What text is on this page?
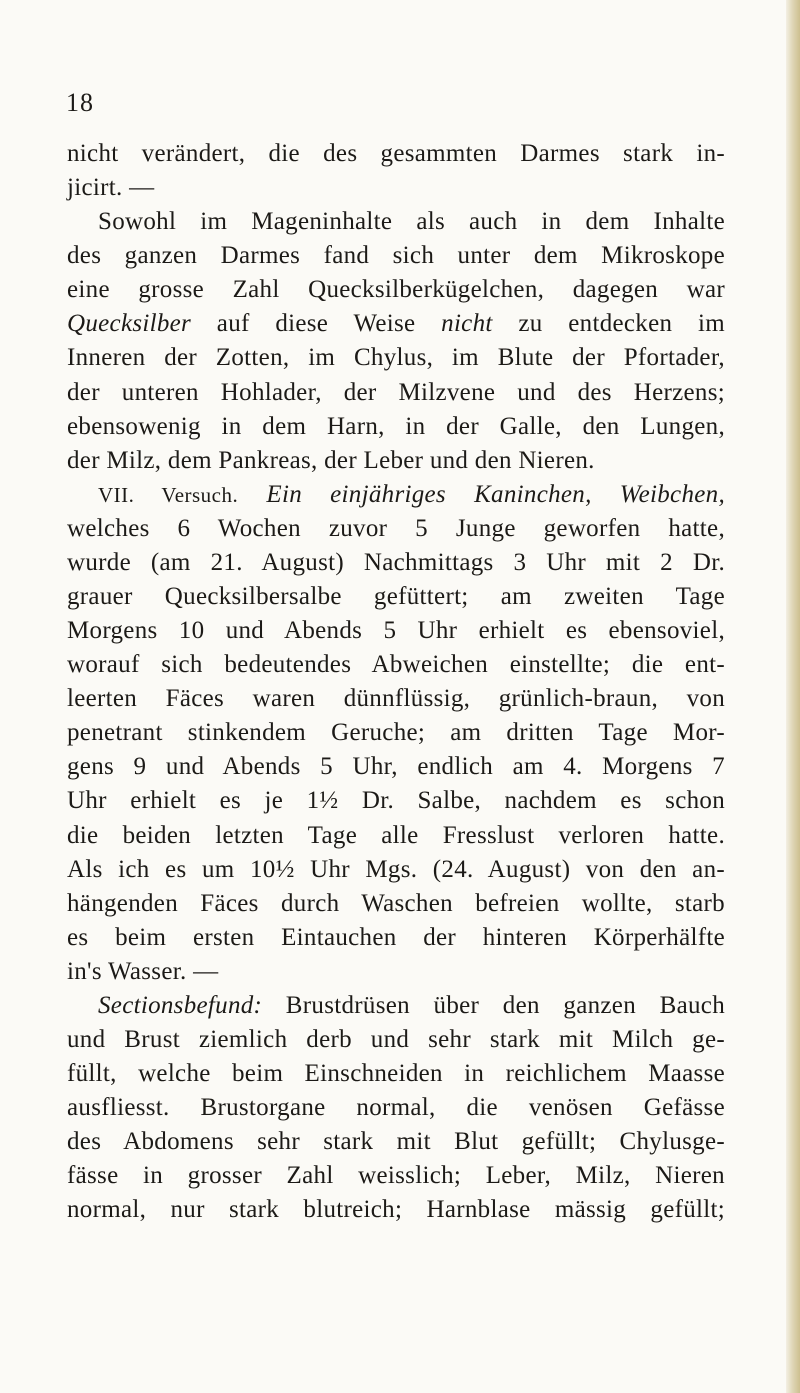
18
nicht verändert, die des gesammten Darmes stark in-
jicirt. —
Sowohl im Mageninhalte als auch in dem Inhalte
des ganzen Darmes fand sich unter dem Mikroskope
eine grosse Zahl Quecksilberkügelchen, dagegen war
Quecksilber auf diese Weise nicht zu entdecken im
Inneren der Zotten, im Chylus, im Blute der Pfortader,
der unteren Hohlader, der Milzvene und des Herzens;
ebensowenig in dem Harn, in der Galle, den Lungen,
der Milz, dem Pankreas, der Leber und den Nieren.
VII. Versuch. Ein einjähriges Kaninchen, Weibchen,
welches 6 Wochen zuvor 5 Junge geworfen hatte,
wurde (am 21. August) Nachmittags 3 Uhr mit 2 Dr.
grauer Quecksilbersalbe gefüttert; am zweiten Tage
Morgens 10 und Abends 5 Uhr erhielt es ebensoviel,
worauf sich bedeutendes Abweichen einstellte; die ent-
leerten Fäces waren dünnflüssig, grünlich-braun, von
penetrant stinkendem Geruche; am dritten Tage Mor-
gens 9 und Abends 5 Uhr, endlich am 4. Morgens 7
Uhr erhielt es je 1½ Dr. Salbe, nachdem es schon
die beiden letzten Tage alle Fresslust verloren hatte.
Als ich es um 10½ Uhr Mgs. (24. August) von den an-
hängenden Fäces durch Waschen befreien wollte, starb
es beim ersten Eintauchen der hinteren Körperhälfte
in's Wasser. —
Sectionsbefund: Brustdrüsen über den ganzen Bauch
und Brust ziemlich derb und sehr stark mit Milch ge-
füllt, welche beim Einschneiden in reichlichem Maasse
ausfliesst. Brustorgane normal, die venösen Gefässe
des Abdomens sehr stark mit Blut gefüllt; Chylusge-
fässe in grosser Zahl weisslich; Leber, Milz, Nieren
normal, nur stark blutreich; Harnblase mässig gefüllt;
